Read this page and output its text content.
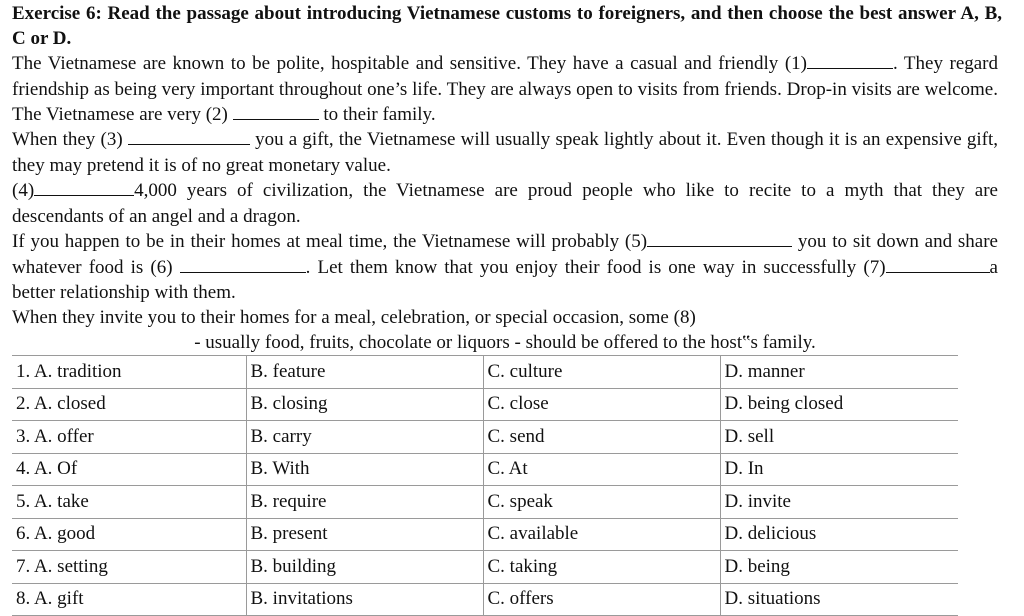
Exercise 6: Read the passage about introducing Vietnamese customs to foreigners, and then choose the best answer A, B, C or D.
The Vietnamese are known to be polite, hospitable and sensitive. They have a casual and friendly (1)	. They regard friendship as being very important throughout one’s life. They are always open to visits from friends. Drop-in visits are welcome. The Vietnamese are very (2)	to their family.
When they (3)	you a gift, the Vietnamese will usually speak lightly about it. Even though it is an expensive gift, they may pretend it is of no great monetary value.
(4)	4,000 years of civilization, the Vietnamese are proud people who like to recite to a myth that they are descendants of an angel and a dragon.
If you happen to be in their homes at meal time, the Vietnamese will probably (5)	you to sit down and share whatever food is (6)	. Let them know that you enjoy their food is one way in successfully (7)	a better relationship with them.
When they invite you to their homes for a meal, celebration, or special occasion, some (8)
- usually food, fruits, chocolate or liquors - should be offered to the host‟s family.
1. A. tradition	B. feature	C. culture	D. manner
2. A. closed	B. closing	C. close	D. being closed
3. A. offer	B. carry	C. send	D. sell
4. A. Of	B. With	C. At	D. In
5. A. take	B. require	C. speak	D. invite
6. A. good	B. present	C. available	D. delicious
7. A. setting	B. building	C. taking	D. being
8. A. gift	B. invitations	C. offers	D. situations
